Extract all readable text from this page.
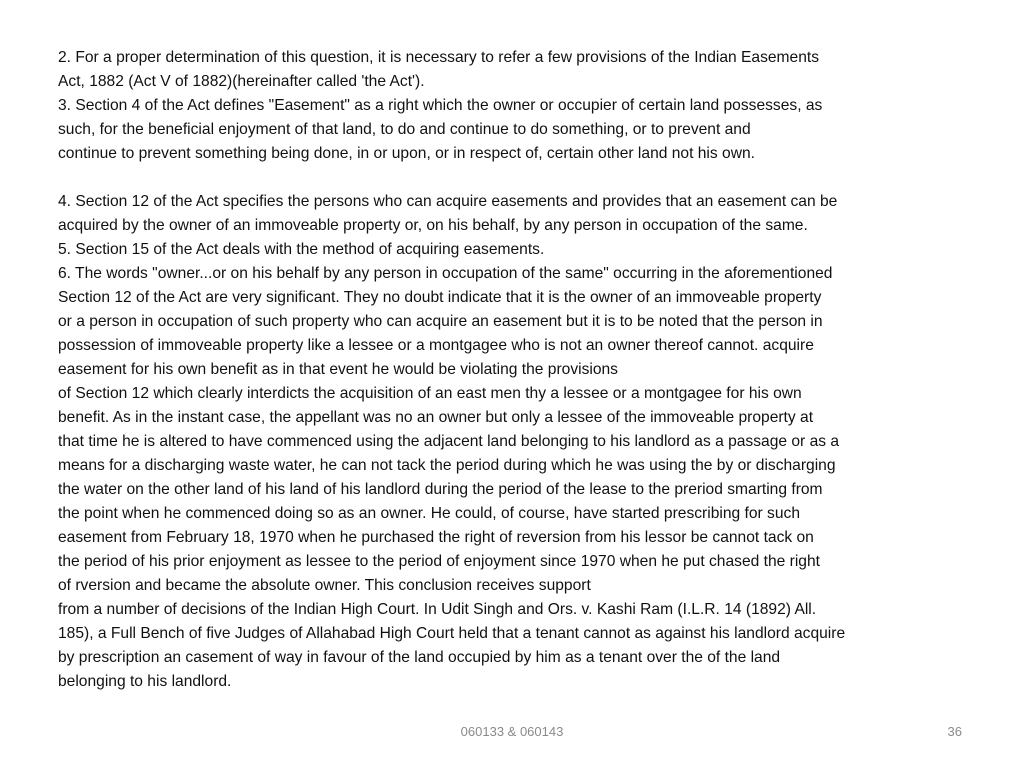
2. For a proper determination of this question, it is necessary to refer a few provisions of the Indian Easements
Act, 1882 (Act V of 1882)(hereinafter called 'the Act').
3. Section 4 of the Act defines "Easement" as a right which the owner or occupier of certain land possesses, as
such, for the beneficial enjoyment of that land, to do and continue to do something, or to prevent and
continue to prevent something being done, in or upon, or in respect of, certain other land not his own.
4. Section 12 of the Act specifies the persons who can acquire easements and provides that an easement can be
acquired by the owner of an immoveable property or, on his behalf, by any person in occupation of the same.
5. Section 15 of the Act deals with the method of acquiring easements.
6. The words "owner...or on his behalf by any person in occupation of the same" occurring in the aforementioned
Section 12 of the Act are very significant. They no doubt indicate that it is the owner of an immoveable property
or a person in occupation of such property who can acquire an easement but it is to be noted that the person in
possession of immoveable property like a lessee or a montgagee who is not an owner thereof cannot. acquire
easement for his own benefit as in that event he would be violating the provisions
of Section 12 which clearly interdicts the acquisition of an east men thy a lessee or a montgagee for his own
benefit. As in the instant case, the appellant was no an owner but only a lessee of the immoveable property at
that time he is altered to have commenced using the adjacent land belonging to his landlord as a passage or as a
means for a discharging waste water, he can not tack the period during which he was using the by or discharging
the water on the other land of his land of his landlord during the period of the lease to the preriod smarting from
the point when he commenced doing so as an owner. He could, of course, have started prescribing for such
easement from February 18, 1970 when he purchased the right of reversion from his lessor be cannot tack on
the period of his prior enjoyment as lessee to the period of enjoyment since 1970 when he put chased the right
of rversion and became the absolute owner. This conclusion receives support
from a number of decisions of the Indian High Court. In Udit Singh and Ors. v. Kashi Ram (I.L.R. 14 (1892) All.
185), a Full Bench of five Judges of Allahabad High Court held that a tenant cannot as against his landlord acquire
by prescription an casement of way in favour of the land occupied by him as a tenant over the of the land
belonging to his landlord.
060133 & 060143	36
